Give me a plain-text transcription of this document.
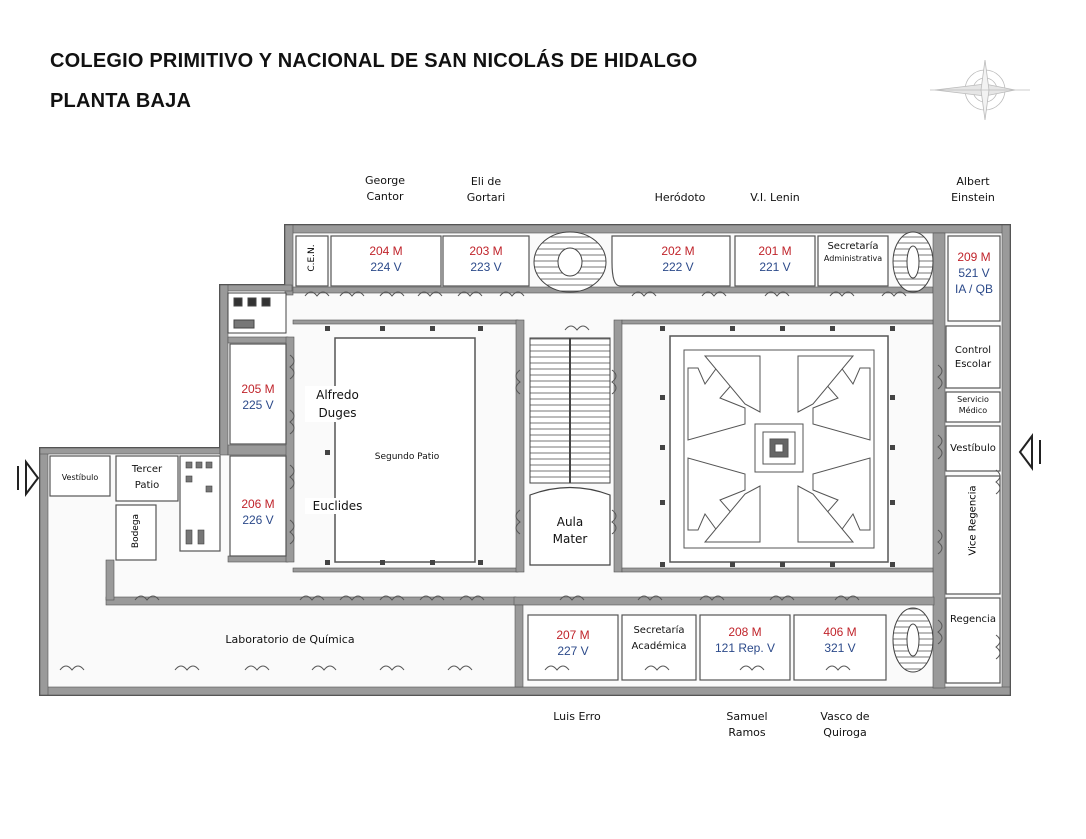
COLEGIO PRIMITIVO Y NACIONAL DE SAN NICOLÁS DE HIDALGO
PLANTA BAJA
George
Cantor
Eli de
Gortari	Heródoto	V.I. Lenin
Albert
Einstein
Luis Erro	Samuel
Ramos
Vasco de
Quiroga
C.E.N.	204 M
224 V
203 M
223 V
202 M
222 V
201 M
221 V
Secretaría
Administrativa	209 M
521 V
IA / QB
205 M
225 V
206 M
226 V
Alfredo
Duges
Euclides
Segundo Patio
Aula
Mater
Control
Escolar
Servicio
Médico
Vestíbulo
Vice Regencia
Regencia
Vestíbulo
Tercer
Patio
Bodega
Laboratorio de Química	207 M
227 V
Secretaría
Académica
208 M
121 Rep. V
406 M
321 V
